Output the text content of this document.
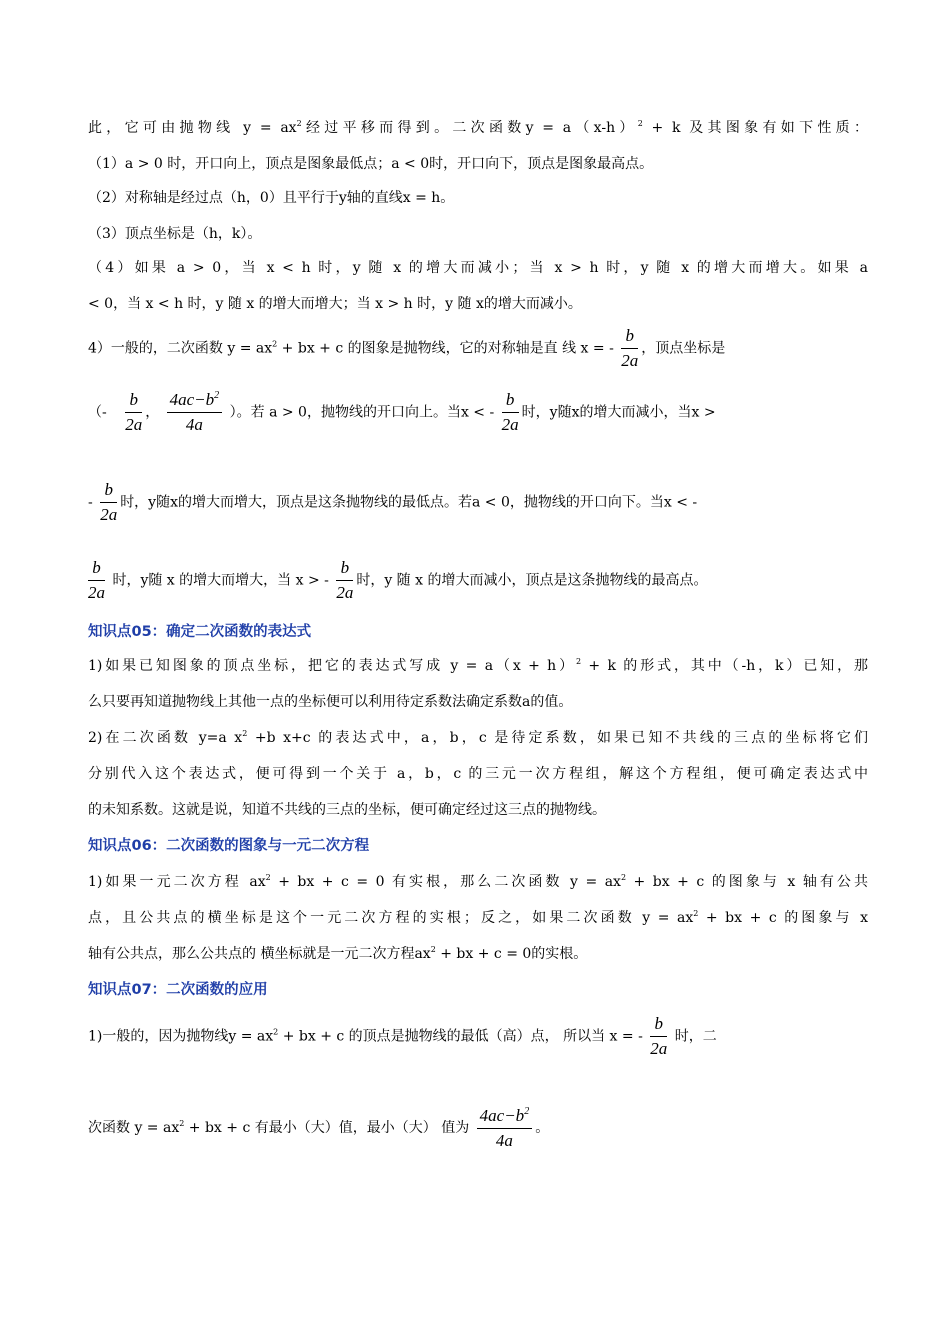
此，它可由抛物线 $y = ax^2$经过平移而得到。二次函数$y = a(x-h)^2 + k$ 及其图象有如下性质：
（1）a > 0 时，开口向上，顶点是图象最低点；a < 0时，开口向下，顶点是图象最高点。
（2）对称轴是经过点（h，0）且平行于y轴的直线x = h。
（3）顶点坐标是（h，k）。
（4）如果 a > 0，当 x < h 时，y 随 x 的增大而减小；当 x > h 时，y 随 x 的增大而增大。如果 a
< 0，当 x < h 时，y 随 x 的增大而增大；当 x > h 时，y 随 x的增大而减小。
4）一般的，二次函数 $y = ax^2$ + bx + c 的图象是抛物线，它的对称轴是直 线 x = - $\frac{b}{2a}$ ，顶点坐标是
（- $\frac{b}{2a}$ ， $\frac{4ac-b^2}{4a}$ ）。若 a > 0，抛物线的开口向上。当x < - $\frac{b}{2a}$ 时，y随x的增大而减小，当x >
- $\frac{b}{2a}$ 时，y随x的增大而增大，顶点是这条抛物线的最低点。若a < 0，抛物线的开口向下。当x < -
$\frac{b}{2a}$ 时，y随 x 的增大而增大，当 x > - $\frac{b}{2a}$ 时，y 随 x 的增大而减小，顶点是这条抛物线的最高点。
知识点05：确定二次函数的表达式
1)如果已知图象的顶点坐标，把它的表达式写成 $y = a(x + h)^2 + k$ 的形式，其中（-h，k）已知，那
么只要再知道抛物线上其他一点的坐标便可以利用待定系数法确定系数a的值。
2)在二次函数 y=a $x^2 +b$ x+c 的表达式中，a，b，c 是待定系数，如果已知不共线的三点的坐标将它们
分别代入这个表达式，便可得到一个关于 a，b，c 的三元一次方程组，解这个方程组，便可确定表达式中
的未知系数。这就是说，知道不共线的三点的坐标，便可确定经过这三点的抛物线。
知识点06：二次函数的图象与一元二次方程
1)如果一元二次方程 $ax^2$ + bx + c = 0 有实根，那么二次函数 $y = ax^2$ + bx + c 的图象与 x 轴有公共
点，且公共点的横坐标是这个一元二次方程的实根；反之，如果二次函数 $y = ax^2$ + bx + c 的图象与 x
轴有公共点，那么公共点的 横坐标就是一元二次方程$ax^2$ + bx + c = 0的实根。
知识点07：二次函数的应用
1)一般的，因为抛物线$y = ax^2$ + bx + c 的顶点是抛物线的最低（高）点， 所以当 x = - $\frac{b}{2a}$ 时，二
次函数 $y = ax^2$ + bx + c 有最小（大）值，最小（大） 值为 $\frac{4ac-b^2}{4a}$ 。
